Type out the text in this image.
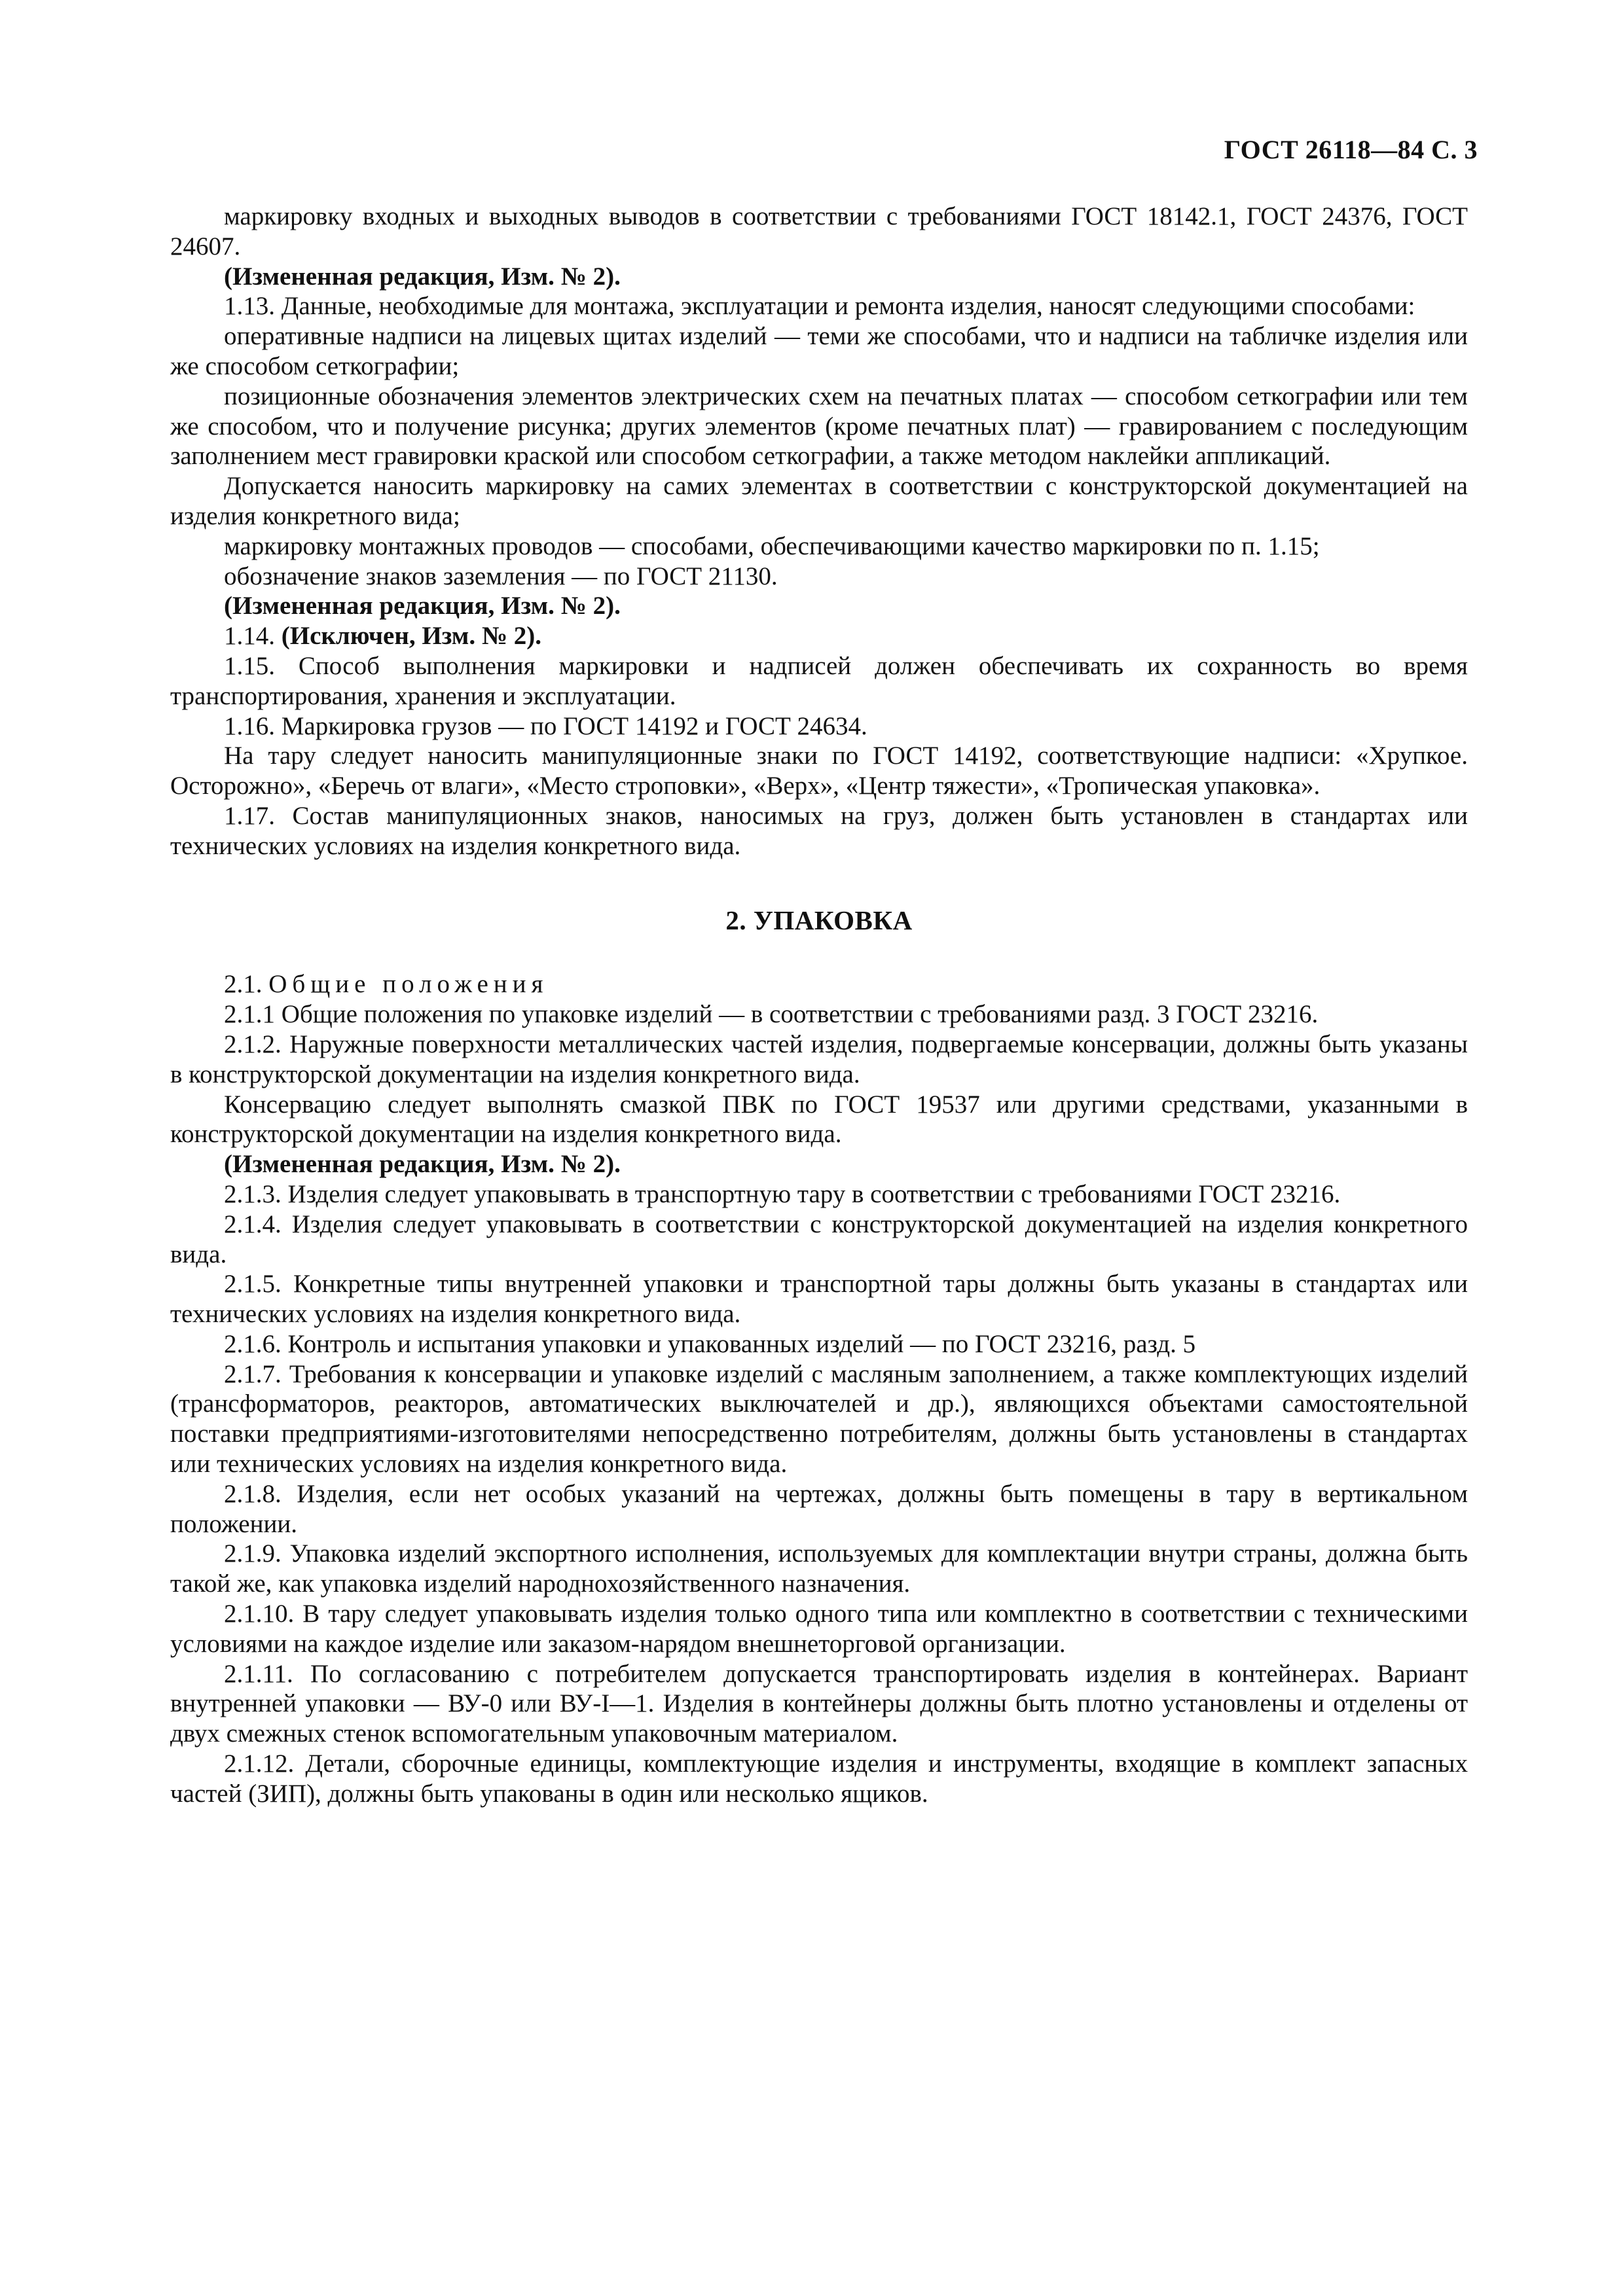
ГОСТ 26118—84 С. 3

маркировку входных и выходных выводов в соответствии с требованиями ГОСТ 18142.1, ГОСТ 24376, ГОСТ 24607.

(Измененная редакция, Изм. № 2).

1.13. Данные, необходимые для монтажа, эксплуатации и ремонта изделия, наносят следующими способами:

оперативные надписи на лицевых щитах изделий — теми же способами, что и надписи на табличке изделия или же способом сеткографии;

позиционные обозначения элементов электрических схем на печатных платах — способом сеткографии или тем же способом, что и получение рисунка; других элементов (кроме печатных плат) — гравированием с последующим заполнением мест гравировки краской или способом сеткографии, а также методом наклейки аппликаций.

Допускается наносить маркировку на самих элементах в соответствии с конструкторской документацией на изделия конкретного вида;

маркировку монтажных проводов — способами, обеспечивающими качество маркировки по п. 1.15;

обозначение знаков заземления — по ГОСТ 21130.

(Измененная редакция, Изм. № 2).

1.14. (Исключен, Изм. № 2).

1.15. Способ выполнения маркировки и надписей должен обеспечивать их сохранность во время транспортирования, хранения и эксплуатации.

1.16. Маркировка грузов — по ГОСТ 14192 и ГОСТ 24634.

На тару следует наносить манипуляционные знаки по ГОСТ 14192, соответствующие надписи: «Хрупкое. Осторожно», «Беречь от влаги», «Место строповки», «Верх», «Центр тяжести», «Тропическая упаковка».

1.17. Состав манипуляционных знаков, наносимых на груз, должен быть установлен в стандартах или технических условиях на изделия конкретного вида.

2. УПАКОВКА

2.1. Общие положения

2.1.1 Общие положения по упаковке изделий — в соответствии с требованиями разд. 3 ГОСТ 23216.

2.1.2. Наружные поверхности металлических частей изделия, подвергаемые консервации, должны быть указаны в конструкторской документации на изделия конкретного вида.

Консервацию следует выполнять смазкой ПВК по ГОСТ 19537 или другими средствами, указанными в конструкторской документации на изделия конкретного вида.

(Измененная редакция, Изм. № 2).

2.1.3. Изделия следует упаковывать в транспортную тару в соответствии с требованиями ГОСТ 23216.

2.1.4. Изделия следует упаковывать в соответствии с конструкторской документацией на изделия конкретного вида.

2.1.5. Конкретные типы внутренней упаковки и транспортной тары должны быть указаны в стандартах или технических условиях на изделия конкретного вида.

2.1.6. Контроль и испытания упаковки и упакованных изделий — по ГОСТ 23216, разд. 5

2.1.7. Требования к консервации и упаковке изделий с масляным заполнением, а также комплектующих изделий (трансформаторов, реакторов, автоматических выключателей и др.), являющихся объектами самостоятельной поставки предприятиями-изготовителями непосредственно потребителям, должны быть установлены в стандартах или технических условиях на изделия конкретного вида.

2.1.8. Изделия, если нет особых указаний на чертежах, должны быть помещены в тару в вертикальном положении.

2.1.9. Упаковка изделий экспортного исполнения, используемых для комплектации внутри страны, должна быть такой же, как упаковка изделий народнохозяйственного назначения.

2.1.10. В тару следует упаковывать изделия только одного типа или комплектно в соответствии с техническими условиями на каждое изделие или заказом-нарядом внешнеторговой организации.

2.1.11. По согласованию с потребителем допускается транспортировать изделия в контейнерах. Вариант внутренней упаковки — ВУ-0 или ВУ-I—1. Изделия в контейнеры должны быть плотно установлены и отделены от двух смежных стенок вспомогательным упаковочным материалом.

2.1.12. Детали, сборочные единицы, комплектующие изделия и инструменты, входящие в комплект запасных частей (ЗИП), должны быть упакованы в один или несколько ящиков.
